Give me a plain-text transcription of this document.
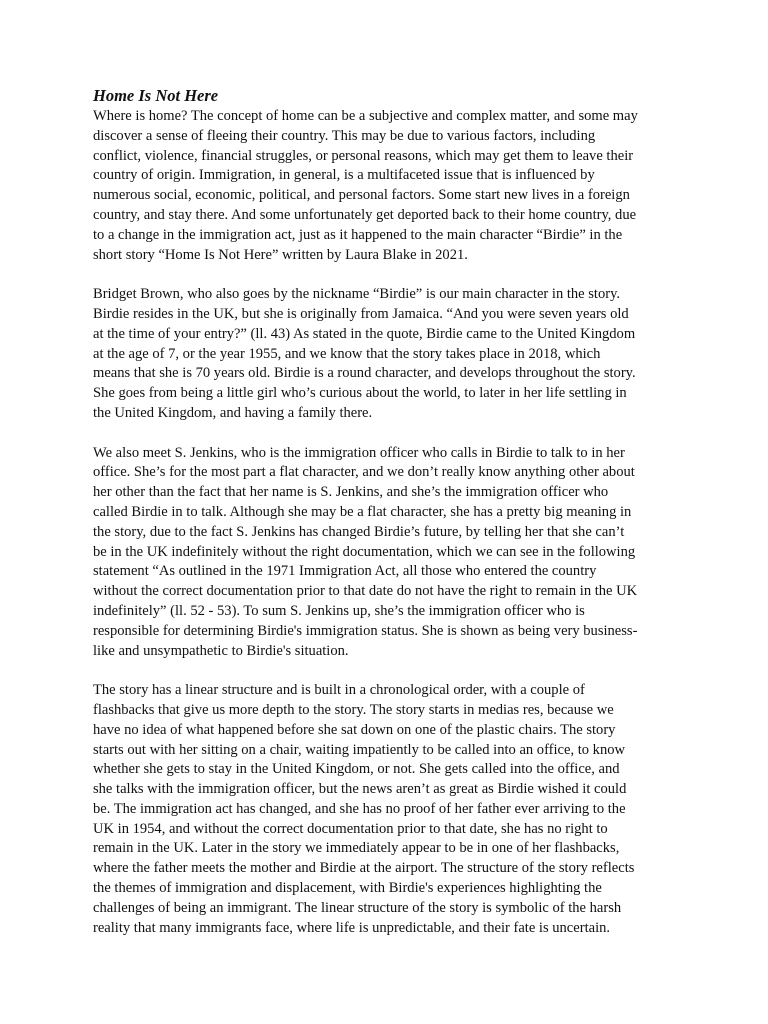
Home Is Not Here
Where is home? The concept of home can be a subjective and complex matter, and some may
discover a sense of fleeing their country. This may be due to various factors, including
conflict, violence, financial struggles, or personal reasons, which may get them to leave their
country of origin. Immigration, in general, is a multifaceted issue that is influenced by
numerous social, economic, political, and personal factors. Some start new lives in a foreign
country, and stay there. And some unfortunately get deported back to their home country, due
to a change in the immigration act, just as it happened to the main character “Birdie” in the
short story “Home Is Not Here” written by Laura Blake in 2021.
Bridget Brown, who also goes by the nickname “Birdie” is our main character in the story.
Birdie resides in the UK, but she is originally from Jamaica. “And you were seven years old
at the time of your entry?” (ll. 43) As stated in the quote, Birdie came to the United Kingdom
at the age of 7, or the year 1955, and we know that the story takes place in 2018, which
means that she is 70 years old. Birdie is a round character, and develops throughout the story.
She goes from being a little girl who’s curious about the world, to later in her life settling in
the United Kingdom, and having a family there.
We also meet S. Jenkins, who is the immigration officer who calls in Birdie to talk to in her
office. She’s for the most part a flat character, and we don’t really know anything other about
her other than the fact that her name is S. Jenkins, and she’s the immigration officer who
called Birdie in to talk. Although she may be a flat character, she has a pretty big meaning in
the story, due to the fact S. Jenkins has changed Birdie’s future, by telling her that she can’t
be in the UK indefinitely without the right documentation, which we can see in the following
statement “As outlined in the 1971 Immigration Act, all those who entered the country
without the correct documentation prior to that date do not have the right to remain in the UK
indefinitely” (ll. 52 - 53). To sum S. Jenkins up, she’s the immigration officer who is
responsible for determining Birdie's immigration status. She is shown as being very business-
like and unsympathetic to Birdie's situation.
The story has a linear structure and is built in a chronological order, with a couple of
flashbacks that give us more depth to the story. The story starts in medias res, because we
have no idea of what happened before she sat down on one of the plastic chairs. The story
starts out with her sitting on a chair, waiting impatiently to be called into an office, to know
whether she gets to stay in the United Kingdom, or not. She gets called into the office, and
she talks with the immigration officer, but the news aren’t as great as Birdie wished it could
be. The immigration act has changed, and she has no proof of her father ever arriving to the
UK in 1954, and without the correct documentation prior to that date, she has no right to
remain in the UK. Later in the story we immediately appear to be in one of her flashbacks,
where the father meets the mother and Birdie at the airport. The structure of the story reflects
the themes of immigration and displacement, with Birdie's experiences highlighting the
challenges of being an immigrant. The linear structure of the story is symbolic of the harsh
reality that many immigrants face, where life is unpredictable, and their fate is uncertain.
